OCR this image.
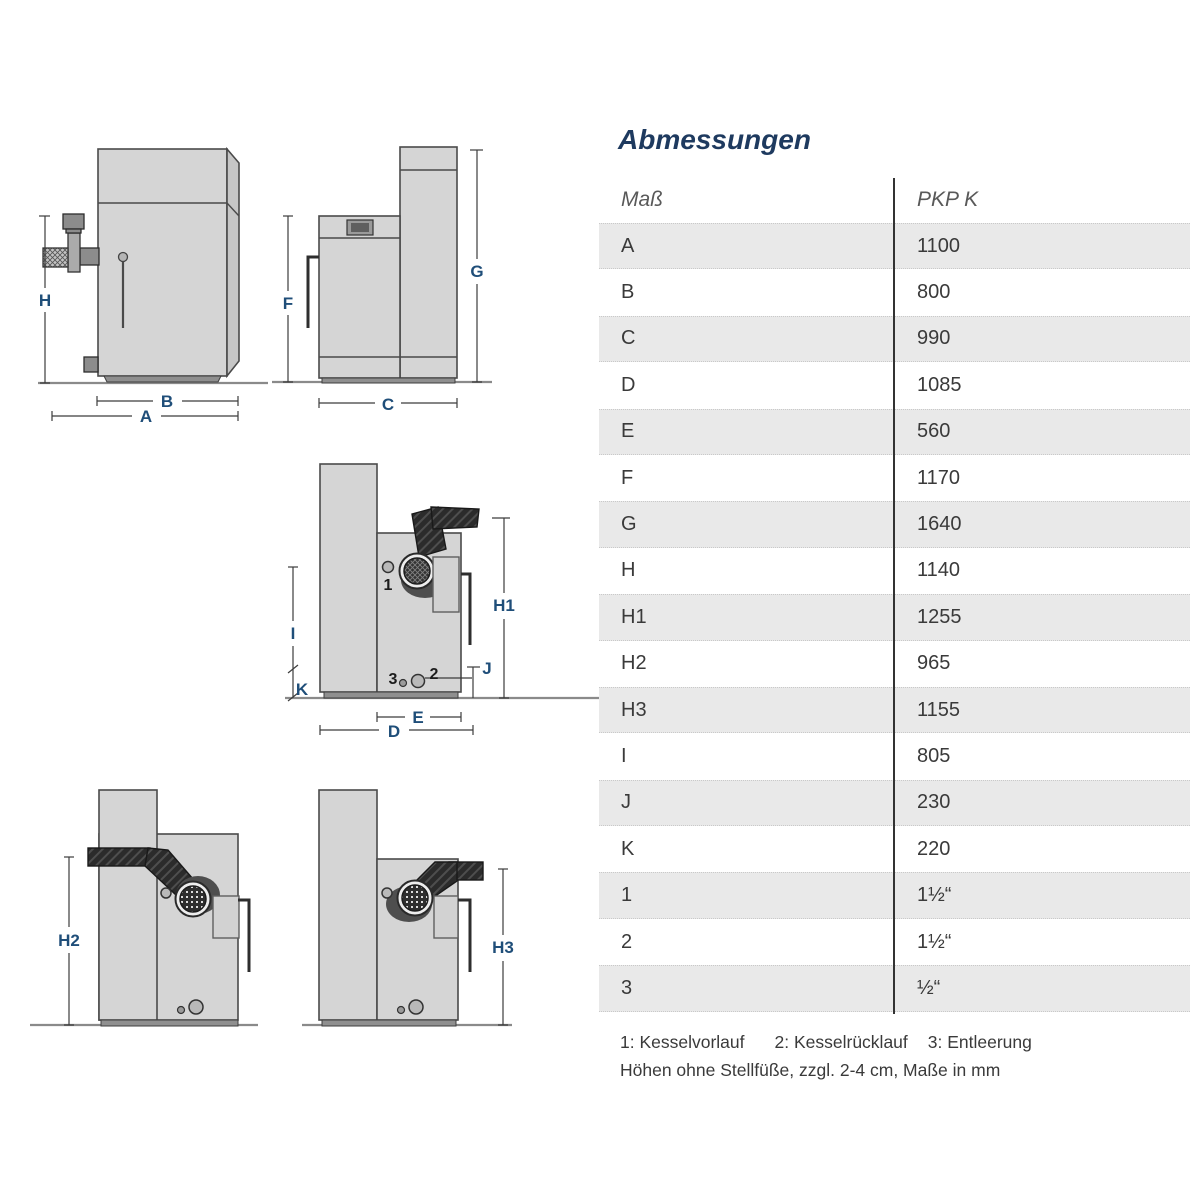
H
B
A
F
G
C
1
2
3
I
K
H1
J
E
D
H2	H3
Abmessungen
Maß	PKP K
A	1100
B	800
C	990
D	1085
E	560
F	1170
G	1640
H	1140
H1	1255
H2	965
H3	1155
I	805
J	230
K	220
1	1½“
2	1½“
3	½“
1: Kesselvorlauf 2: Kesselrücklauf 3: Entleerung
Höhen ohne Stellfüße, zzgl. 2-4 cm, Maße in mm
